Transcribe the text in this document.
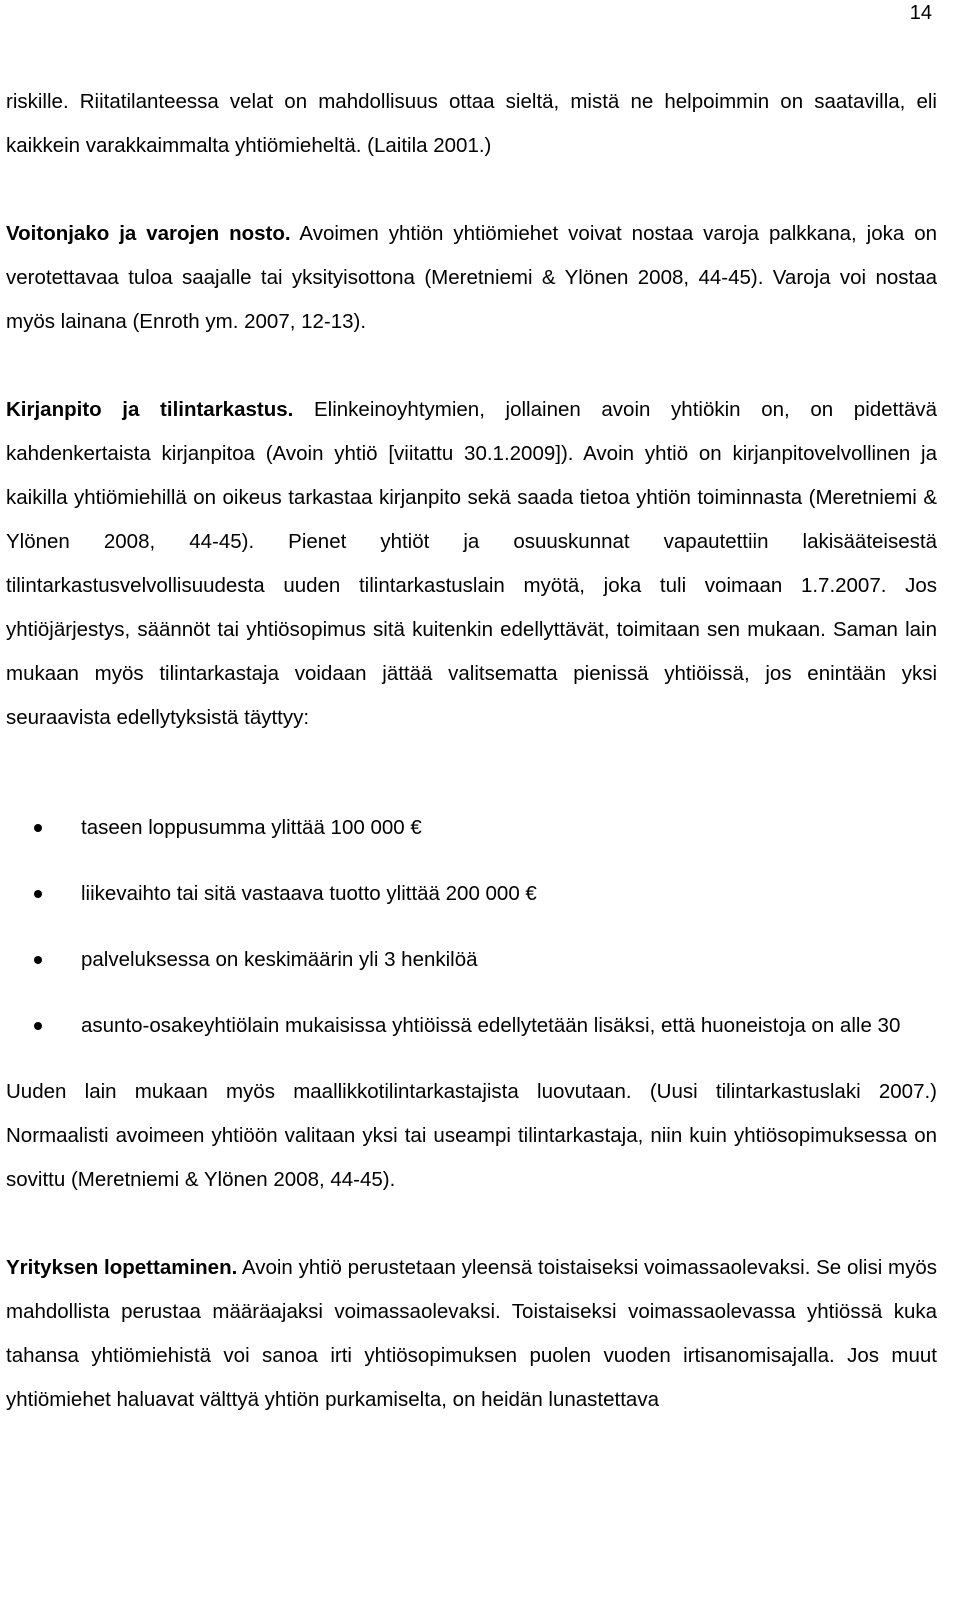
14

riskille. Riitatilanteessa velat on mahdollisuus ottaa sieltä, mistä ne helpoimmin on saatavilla, eli kaikkein varakkaimmalta yhtiömieheltä. (Laitila 2001.)

Voitonjako ja varojen nosto. Avoimen yhtiön yhtiömiehet voivat nostaa varoja palkkana, joka on verotettavaa tuloa saajalle tai yksityisottona (Meretniemi & Ylönen 2008, 44-45). Varoja voi nostaa myös lainana (Enroth ym. 2007, 12-13).

Kirjanpito ja tilintarkastus. Elinkeinoyhtymien, jollainen avoin yhtiökin on, on pidettävä kahdenkertaista kirjanpitoa (Avoin yhtiö [viitattu 30.1.2009]). Avoin yhtiö on kirjanpitovelvollinen ja kaikilla yhtiömiehillä on oikeus tarkastaa kirjanpito sekä saada tietoa yhtiön toiminnasta (Meretniemi & Ylönen 2008, 44-45). Pienet yhtiöt ja osuuskunnat vapautettiin lakisääteisestä tilintarkastusvelvollisuudesta uuden tilintarkastuslain myötä, joka tuli voimaan 1.7.2007. Jos yhtiöjärjestys, säännöt tai yhtiösopimus sitä kuitenkin edellyttävät, toimitaan sen mukaan. Saman lain mukaan myös tilintarkastaja voidaan jättää valitsematta pienissä yhtiöissä, jos enintään yksi seuraavista edellytyksistä täyttyy:

taseen loppusumma ylittää 100 000 €
liikevaihto tai sitä vastaava tuotto ylittää 200 000 €
palveluksessa on keskimäärin yli 3 henkilöä
asunto-osakeyhtiölain mukaisissa yhtiöissä edellytetään lisäksi, että huoneistoja on alle 30

Uuden lain mukaan myös maallikkotilintarkastajista luovutaan. (Uusi tilintarkastuslaki 2007.) Normaalisti avoimeen yhtiöön valitaan yksi tai useampi tilintarkastaja, niin kuin yhtiösopimuksessa on sovittu (Meretniemi & Ylönen 2008, 44-45).

Yrityksen lopettaminen. Avoin yhtiö perustetaan yleensä toistaiseksi voimassaolevaksi. Se olisi myös mahdollista perustaa määräajaksi voimassaolevaksi. Toistaiseksi voimassaolevassa yhtiössä kuka tahansa yhtiömiehistä voi sanoa irti yhtiösopimuksen puolen vuoden irtisanomisajalla. Jos muut yhtiömiehet haluavat välttyä yhtiön purkamiselta, on heidän lunastettava
